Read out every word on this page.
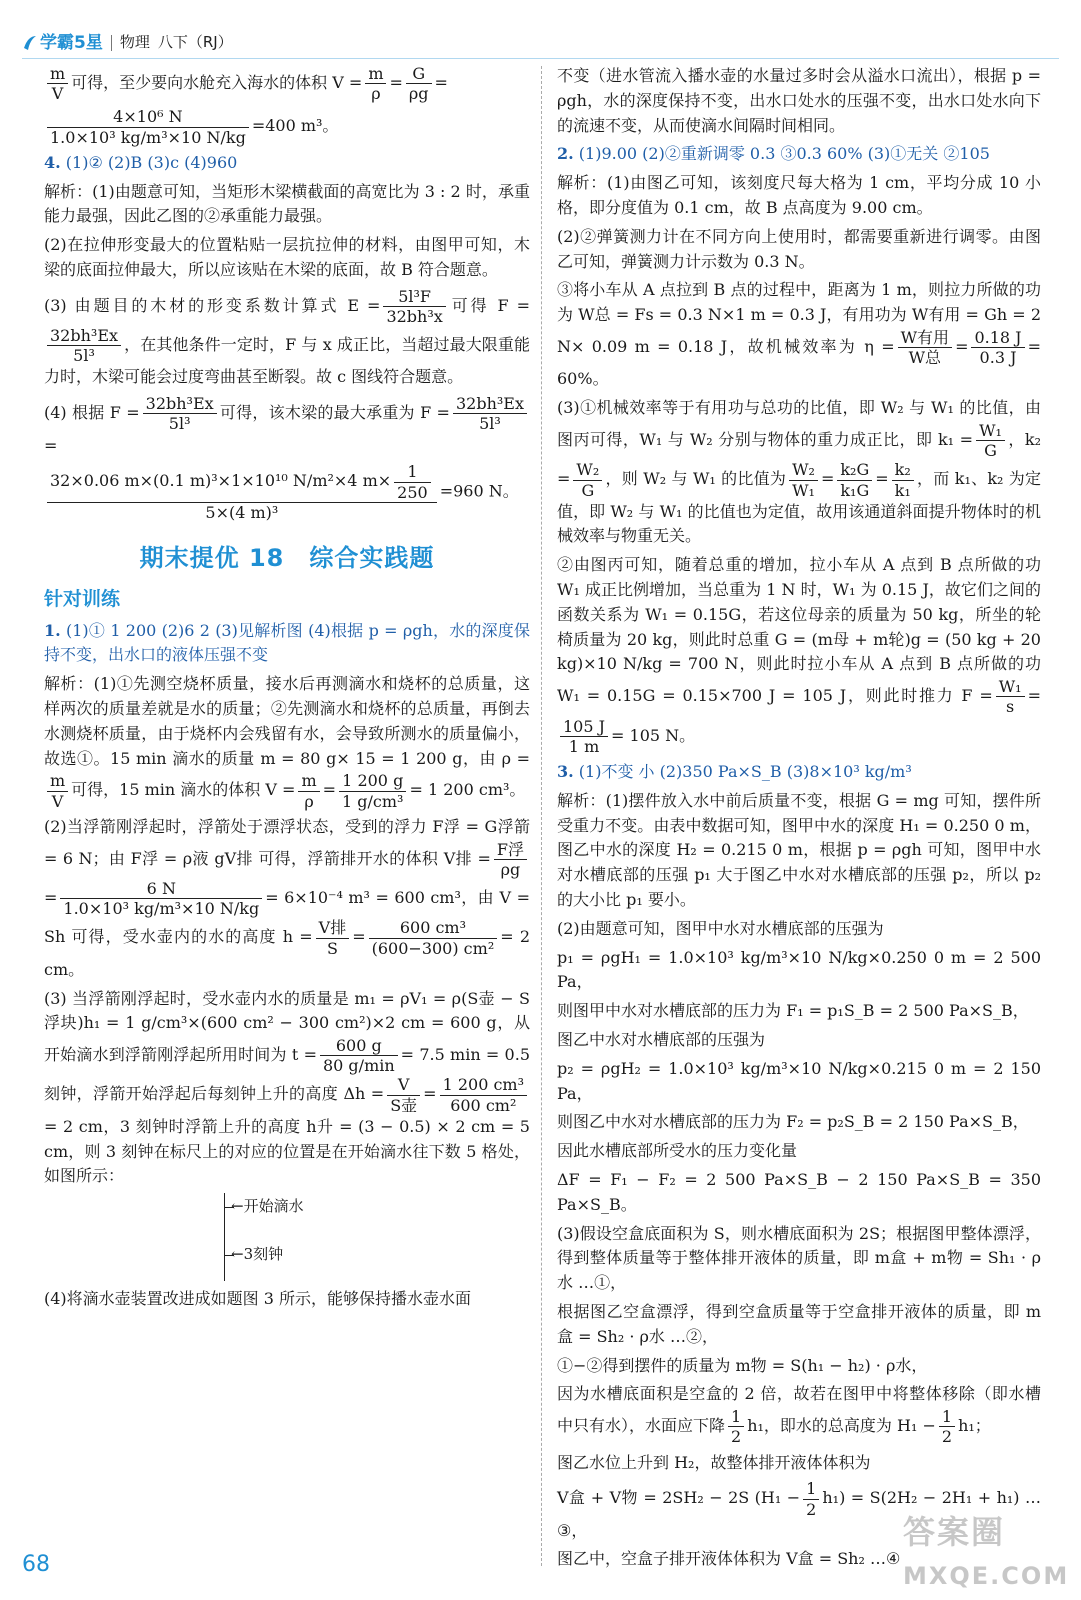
学霸5星 物理 八下（RJ）

$\frac{m}{V}$ 可得，至少要向水舱充入海水的体积 $V = \frac{m}{\rho} = \frac{G}{\rho g}$ =

$\frac{\text{4×10⁶ N}}{\text{1.0×10³ kg/m³×10 N/kg}} =400$ m³。

4. (1)② (2)B (3)c (4)960

解析：(1)由题意可知，当矩形木梁横截面的高宽比为 3 : 2 时，承重能力最强，因此乙图的②承重能力最强。

(2)在拉伸形变最大的位置粘贴一层抗拉伸的材料，由图甲可知，木梁的底面拉伸最大，所以应该贴在木梁的底面，故 B 符合题意。

(3) 由题目的木材的形变系数计算式 $E = \frac{\text{5l³F}}{\text{32bh³x}}$ 可得 F =
$\frac{\text{32bh³Ex}}{\text{5l³}}$ ，在其他条件一定时，F 与 x 成正比，当超过最大限重能力时，木梁可能会过度弯曲甚至断裂。故 c 图线符合题意。

(4) 根据 $F = \frac{\text{32bh³Ex}}{\text{5l³}}$ 可得，该木梁的最大承重为 $F = \frac{\text{32bh³Ex}}{\text{5l³}}$
=

$\frac{32\times 0.06 m\times(0.1 m)^3\times 1\times 10^{10} N/m^2\times 4 m\times \frac{1}{250}}{\text{5×(4 m)³}} =960$ N。

期末提优 18　综合实践题
针对训练

1. (1)① 1 200 (2)6 2 (3)见解析图 (4)根据 p = ρgh，水的深度保持不变，出水口的液体压强不变

解析：(1)①先测空烧杯质量，接水后再测滴水和烧杯的总质量，这样两次的质量差就是水的质量；②先测滴水和烧杯的总质量，再倒去水测烧杯质量，由于烧杯内会残留有水，会导致所测水的质量偏小，故选①。15 min 滴水的质量 m = 80 g× 15 = 1 200 g，由 ρ =
$\frac{m}{V}$ 可得，15 min 滴水的体积 $V = \frac{m}{\rho} = \frac{1 200 g}{\text{1 g/cm³}} = 1$ 200 cm³。

(2)当浮箭刚浮起时，浮箭处于漂浮状态，受到的浮力 F浮 = G浮箭 = 6 N；由 F浮 = ρ液 gV排 可得，浮箭排开水的体积 V排 = $\frac{\text{F浮}}{\rho g}$
= $\frac{6 N}{\text{1.0×10³ kg/m³×10 N/kg}} = 6\times 10^{-4}$ m³ = 600 cm³，由 V = Sh 可得，受水壶内的水的高度 $h = \frac{\text{V排}}{S} = \frac{\text{600 cm³}}{\text{(600−300) cm²}} = 2$ cm。

(3) 当浮箭刚浮起时，受水壶内水的质量是 m₁ = ρV₁ = ρ(S壶 − S浮块)h₁ = 1 g/cm³×(600 cm² − 300 cm²)×2 cm = 600 g，从开始滴水到浮箭刚浮起所用时间为 $t = \frac{600 g}{80 g/\min} = 7.5$ min = 0.5 刻钟，浮箭开始浮起后每刻钟上升的高度 $\Delta h = \frac{V}{\text{S壶}} = \frac{\text{1 200 cm³}}{\text{600 cm²}}$
= 2 cm，3 刻钟时浮箭上升的高度 h升 = (3 − 0.5) × 2 cm = 5 cm，则 3 刻钟在标尺上的对应的位置是在开始滴水往下数 5 格处，如图所示：

←开始滴水
←3刻钟

(4)将滴水壶装置改进成如题图 3 所示，能够保持播水壶水面

不变（进水管流入播水壶的水量过多时会从溢水口流出），根据 p = ρgh，水的深度保持不变，出水口处水的压强不变，出水口处水向下的流速不变，从而使滴水间隔时间相同。

2. (1)9.00 (2)②重新调零 0.3 ③0.3 60% (3)①无关 ②105

解析：(1)由图乙可知，该刻度尺每大格为 1 cm，平均分成 10 小格，即分度值为 0.1 cm，故 B 点高度为 9.00 cm。

(2)②弹簧测力计在不同方向上使用时，都需要重新进行调零。由图乙可知，弹簧测力计示数为 0.3 N。

③将小车从 A 点拉到 B 点的过程中，距离为 1 m，则拉力所做的功为 W总 = Fs = 0.3 N×1 m = 0.3 J，有用功为 W有用 = Gh = 2 N× 0.09 m = 0.18 J，故机械效率为 $\eta = \frac{\text{W有用}}{\text{W总}} = \frac{0.18 J}{0.3 J} = 60\%$。

(3)①机械效率等于有用功与总功的比值，即 W₂ 与 W₁ 的比值，由图丙可得，W₁ 与 W₂ 分别与物体的重力成正比，即 $k_1 = \frac{\text{W₁}}{G}$ ，$k_2 = \frac{\text{W₂}}{G}$ ，则 W₂ 与 W₁ 的比值为 $\frac{\text{W₂}}{\text{W₁}} = \frac{\text{k₂G}}{\text{k₁G}} = \frac{\text{k₂}}{\text{k₁}}$ ，而 k₁、k₂ 为定值，即 W₂ 与 W₁ 的比值也为定值，故用该通道斜面提升物体时的机械效率与物重无关。

②由图丙可知，随着总重的增加，拉小车从 A 点到 B 点所做的功 W₁ 成正比例增加，当总重为 1 N 时，W₁ 为 0.15 J，故它们之间的函数关系为 W₁ = 0.15G，若这位母亲的质量为 50 kg，所坐的轮椅质量为 20 kg，则此时总重 G = (m母 + m轮)g = (50 kg + 20 kg)×10 N/kg = 700 N，则此时拉小车从 A 点到 B 点所做的功 W₁ = 0.15G = 0.15×700 J = 105 J，则此时推力 $F = \frac{\text{W₁}}{s}$ =
$\frac{105 J}{1 m} = 105$ N。

3. (1)不变 小 (2)350 Pa×S_B (3)8×10³ kg/m³

解析：(1)摆件放入水中前后质量不变，根据 G = mg 可知，摆件所受重力不变。由表中数据可知，图甲中水的深度 H₁ = 0.250 0 m，图乙中水的深度 H₂ = 0.215 0 m，根据 p = ρgh 可知，图甲中水对水槽底部的压强 p₁ 大于图乙中水对水槽底部的压强 p₂，所以 p₂ 的大小比 p₁ 要小。

(2)由题意可知，图甲中水对水槽底部的压强为

p₁ = ρgH₁ = 1.0×10³ kg/m³×10 N/kg×0.250 0 m = 2 500 Pa，

则图甲中水对水槽底部的压力为 F₁ = p₁S_B = 2 500 Pa×S_B，

图乙中水对水槽底部的压强为

p₂ = ρgH₂ = 1.0×10³ kg/m³×10 N/kg×0.215 0 m = 2 150 Pa，

则图乙中水对水槽底部的压力为 F₂ = p₂S_B = 2 150 Pa×S_B，

因此水槽底部所受水的压力变化量

ΔF = F₁ − F₂ = 2 500 Pa×S_B − 2 150 Pa×S_B = 350 Pa×S_B。

(3)假设空盒底面积为 S，则水槽底面积为 2S；根据图甲整体漂浮，得到整体质量等于整体排开液体的质量，即 m盒 + m物 = Sh₁ · ρ水 …①，

根据图乙空盒漂浮，得到空盒质量等于空盒排开液体的质量，即 m盒 = Sh₂ · ρ水 …②，

①−②得到摆件的质量为 m物 = S(h₁ − h₂) · ρ水，

因为水槽底面积是空盒的 2 倍，故若在图甲中将整体移除（即水槽中只有水），水面应下降 $\frac{1}{2} h_1$，即水的总高度为 $H_1 - \frac{1}{2} h_1$；

图乙水位上升到 H₂，故整体排开液体体积为

V盒 + V物 = 2SH₂ − 2S $(H_1 - \frac{1}{2} h_1) = S(2H_2 - 2H_1 + h_1)$ …③，

图乙中，空盒子排开液体体积为 V盒 = Sh₂ …④

68
答案圈
MXQE.COM
